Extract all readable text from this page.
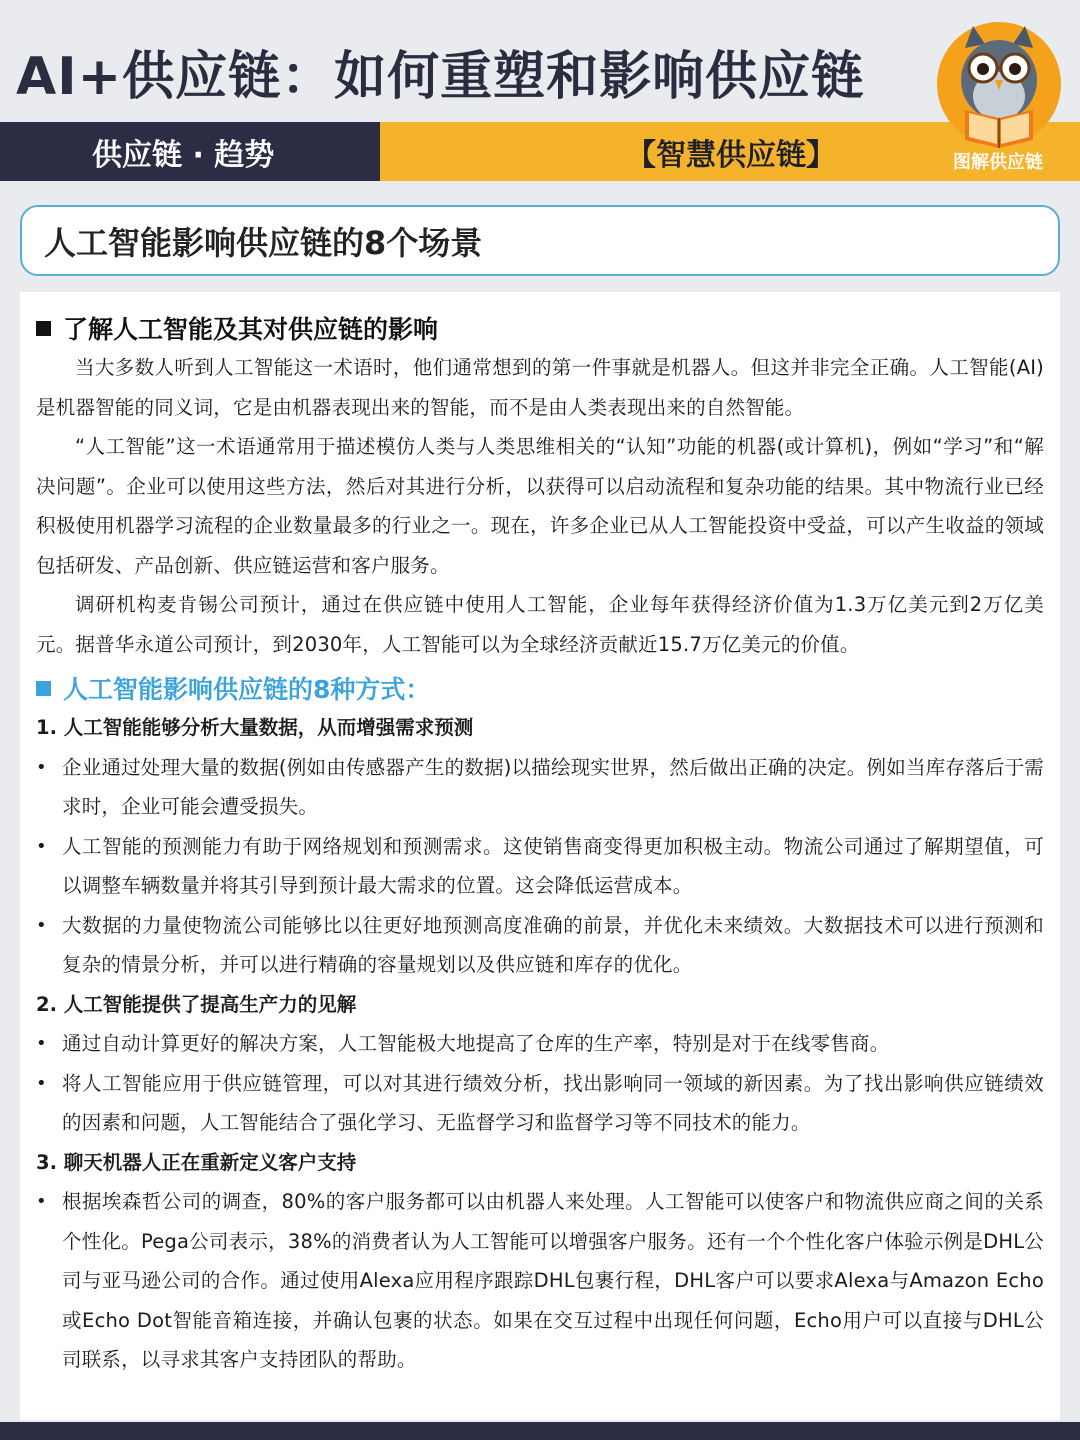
AI+供应链：如何重塑和影响供应链
供应链 · 趋势	【智慧供应链】	图解供应链
人工智能影响供应链的8个场景
了解人工智能及其对供应链的影响

当大多数人听到人工智能这一术语时，他们通常想到的第一件事就是机器人。但这并非完全正确。人工智能(AI)是机器智能的同义词，它是由机器表现出来的智能，而不是由人类表现出来的自然智能。

“人工智能”这一术语通常用于描述模仿人类与人类思维相关的“认知”功能的机器(或计算机)，例如“学习”和“解决问题”。企业可以使用这些方法，然后对其进行分析，以获得可以启动流程和复杂功能的结果。其中物流行业已经积极使用机器学习流程的企业数量最多的行业之一。现在，许多企业已从人工智能投资中受益，可以产生收益的领域包括研发、产品创新、供应链运营和客户服务。

调研机构麦肯锡公司预计，通过在供应链中使用人工智能，企业每年获得经济价值为1.3万亿美元到2万亿美元。据普华永道公司预计，到2030年，人工智能可以为全球经济贡献近15.7万亿美元的价值。

人工智能影响供应链的8种方式：
1. 人工智能能够分析大量数据，从而增强需求预测
• 企业通过处理大量的数据(例如由传感器产生的数据)以描绘现实世界，然后做出正确的决定。例如当库存落后于需求时，企业可能会遭受损失。
• 人工智能的预测能力有助于网络规划和预测需求。这使销售商变得更加积极主动。物流公司通过了解期望值，可以调整车辆数量并将其引导到预计最大需求的位置。这会降低运营成本。
• 大数据的力量使物流公司能够比以往更好地预测高度准确的前景，并优化未来绩效。大数据技术可以进行预测和复杂的情景分析，并可以进行精确的容量规划以及供应链和库存的优化。
2. 人工智能提供了提高生产力的见解
• 通过自动计算更好的解决方案，人工智能极大地提高了仓库的生产率，特别是对于在线零售商。
• 将人工智能应用于供应链管理，可以对其进行绩效分析，找出影响同一领域的新因素。为了找出影响供应链绩效的因素和问题，人工智能结合了强化学习、无监督学习和监督学习等不同技术的能力。
3. 聊天机器人正在重新定义客户支持
• 根据埃森哲公司的调查，80%的客户服务都可以由机器人来处理。人工智能可以使客户和物流供应商之间的关系个性化。Pega公司表示，38%的消费者认为人工智能可以增强客户服务。还有一个个性化客户体验示例是DHL公司与亚马逊公司的合作。通过使用Alexa应用程序跟踪DHL包裹行程，DHL客户可以要求Alexa与Amazon Echo或Echo Dot智能音箱连接，并确认包裹的状态。如果在交互过程中出现任何问题，Echo用户可以直接与DHL公司联系，以寻求其客户支持团队的帮助。
